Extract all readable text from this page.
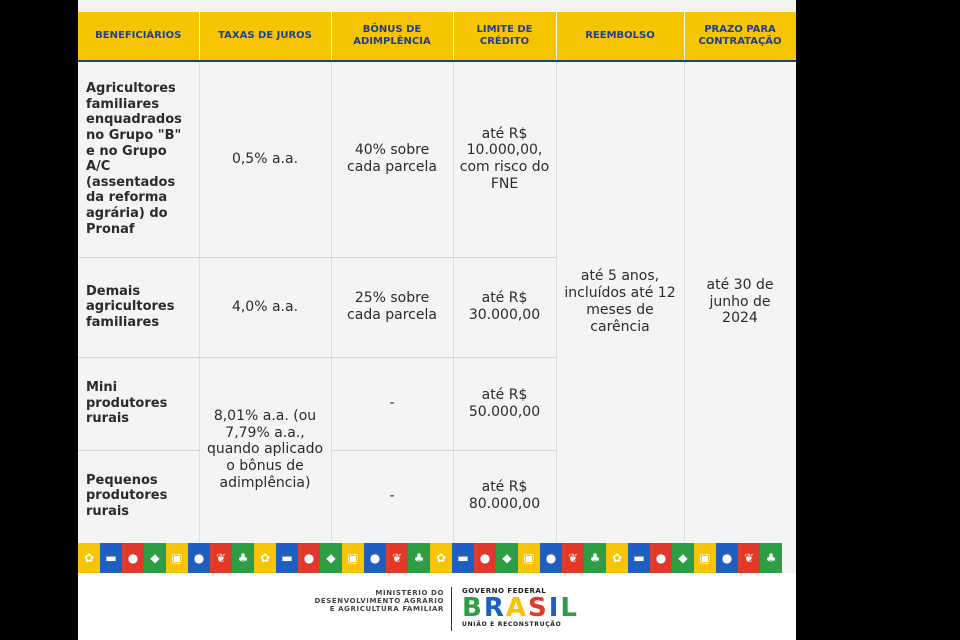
BENEFICIÁRIOS	TAXAS DE JUROS	BÔNUS DE ADIMPLÊNCIA	LIMITE DE CRÉDITO	REEMBOLSO	PRAZO PARA CONTRATAÇÃO
Agricultores familiares enquadrados no Grupo "B" e no Grupo A/C (assentados da reforma agrária) do Pronaf	0,5% a.a.	40% sobre cada parcela	até R$ 10.000,00, com risco do FNE	até 5 anos, incluídos até 12 meses de carência	até 30 de junho de 2024
Demais agricultores familiares	4,0% a.a.	25% sobre cada parcela	até R$ 30.000,00		
Mini produtores rurais	8,01% a.a. (ou 7,79% a.a., quando aplicado o bônus de adimplência)	-	até R$ 50.000,00		
Pequenos produtores rurais		-	até R$ 80.000,00		
✿ ▬ ●	◆ ▣ ● ❦ ♣ ✿ ▬ ●	◆ ▣ ● ❦ ♣ ✿ ▬ ●	◆ ▣ ● ❦ ♣ ✿ ▬ ●	◆ ▣ ● ❦ ♣
MINISTÉRIO DO DESENVOLVIMENTO AGRÁRIO E AGRICULTURA FAMILIAR
GOVERNO FEDERAL
BRASIL
UNIÃO E RECONSTRUÇÃO
